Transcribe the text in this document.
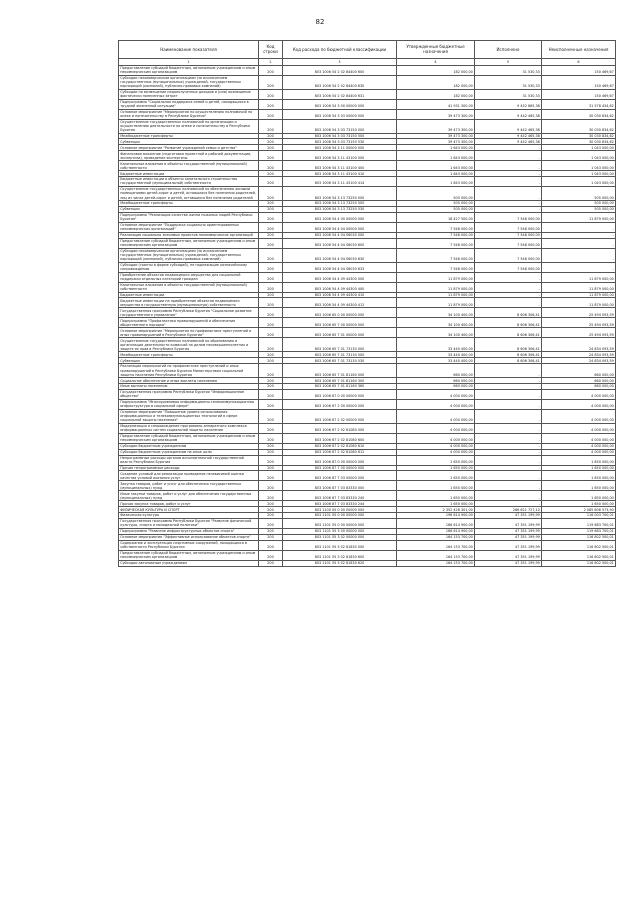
82
Наименование показателя	Код строки	Код расхода по бюджетной классификации	Утвержденные бюджетные назначения	Исполнено	Неисполненные назначения
1	2	3	4	5	6
Предоставление субсидий бюджетным, автономным учреждениям и иным некоммерческим организациям	200	803 1006 54 2 02 84400 600	182 000,00	31 530,33	150 469,67
Субсидии некоммерческим организациям (за исключением государственных (муниципальных) учреждений, государственных корпораций (компаний), публично-правовых компаний)	200	803 1006 54 2 02 84400 630	182 000,00	31 530,33	150 469,67
Субсидии на возмещение недополученных доходов и (или) возмещение фактически понесенных затрат	200	803 1006 54 2 02 84400 631	182 000,00	31 530,33	150 469,67
Подпрограмма "Социальная поддержка семей и детей, находящихся в трудной жизненной ситуации"	200	803 1006 54 3 00 00000 000	41 931 300,00	9 452 865,38	31 578 434,62
Основное мероприятие "Мероприятия по осуществлению полномочий по опеке и попечительству в Республике Бурятия"	200	803 1006 54 3 03 00000 000	39 473 300,00	9 442 465,38	30 030 834,62
Осуществление государственных полномочий по организации и осуществлению деятельности по опеке и попечительству в Республике Бурятия	200	803 1006 54 3 03 73150 000	39 473 300,00	9 442 465,38	30 030 834,62
Межбюджетные трансферты	200	803 1006 54 3 03 73150 500	39 473 300,00	9 442 465,38	30 030 834,62
Субвенции	200	803 1006 54 3 03 73150 530	39 473 300,00	9 442 465,38	30 030 834,62
Основное мероприятие "Развитие учреждений семьи и детства"	200	803 1006 54 3 11 00000 000	1 643 000,00	-	1 043 000,00
Финансовое вложение (подготовка проектной и рабочей документации, экспертиза), проведение экспертизы	200	803 1006 54 3 11 43100 000	1 643 000,00	-	1 043 000,00
Капитальные вложения в объекты государственной (муниципальной) собственности	200	803 1006 54 3 11 43100 400	1 643 000,00	-	1 043 000,00
Бюджетные инвестиции	200	803 1006 54 3 11 43100 410	1 643 000,00	-	1 043 000,00
Бюджетные инвестиции в объекты капитального строительства государственной (муниципальной) собственности	200	803 1006 54 3 11 43100 414	1 643 000,00	-	1 043 000,00
Осуществление государственных полномочий по обеспечению жилыми помещениями детей-сирот и детей, оставшихся без попечения родителей, лиц из числа детей-сирот и детей, оставшихся без попечения родителей	200	803 1006 54 3 13 73250 000	505 000,00	-	505 000,00
Межбюджетные трансферты	200	803 1006 54 3 13 73250 500	505 000,00	-	505 000,00
Субвенции	200	803 1006 54 3 13 73250 530	505 000,00	-	505 000,00
Подпрограмма "Реализация качества жизни пожилых людей Республики Бурятия"	200	803 1006 54 4 00 00000 000	18 427 500,00	7 548 000,00	11 879 000,00
Основное мероприятие "Поддержка социально ориентированных некоммерческих организаций"	200	803 1006 54 4 04 00000 000	7 548 000,00	7 548 000,00	-
Реализация социально значимых проектов некоммерческих организаций	200	803 1006 54 4 04 S6030 000	7 548 000,00	7 548 000,00	-
Предоставление субсидий бюджетным, автономным учреждениям и иным некоммерческим организациям	200	803 1006 54 4 04 S6030 600	7 548 000,00	7 548 000,00	-
Субсидии некоммерческим организациям (за исключением государственных (муниципальных) учреждений, государственных корпораций (компаний), публично-правовых компаний)	200	803 1006 54 4 04 S6030 630	7 548 000,00	7 548 000,00	-
Субсидии (гранты в форме субсидий), не подлежащие казначейскому сопровождению	200	803 1006 54 4 04 S6030 633	7 548 000,00	7 548 000,00	-
Приобретение объектов недвижимого имущества для социальной поддержки отдельных категорий граждан	200	803 1006 54 4 09 44300 000	11 879 000,00	-	11 879 000,00
Капитальные вложения в объекты государственной (муниципальной) собственности	200	803 1006 54 4 09 44300 400	11 879 000,00	-	11 879 000,00
Бюджетные инвестиции	200	803 1006 54 4 09 44300 410	11 879 000,00	-	11 879 000,00
Бюджетные инвестиции на приобретение объектов недвижимого имущества в государственную (муниципальную) собственность	200	803 1006 54 4 09 44300 412	11 879 000,00	-	11 879 000,00
Государственная программа Республики Бурятия "Социальное развитие государственного управления"	200	803 1006 65 0 00 00000 000	34 100 400,00	8 606 306,41	25 494 093,59
Подпрограмма "Профилактика правонарушений и обеспечение общественного порядка"	200	803 1006 65 7 00 00000 000	34 100 400,00	8 606 306,41	25 494 093,59
Основное мероприятие "Мероприятия по профилактике преступлений и иных правонарушений в Республике Бурятия"	200	803 1006 65 7 01 00000 000	34 100 400,00	8 606 306,41	25 494 093,59
Осуществление государственных полномочий по образованию и организации деятельности комиссий по делам несовершеннолетних и защите их прав в Республике Бурятия	200	803 1006 65 7 01 73130 000	33 440 400,00	8 606 306,41	24 834 093,59
Межбюджетные трансферты	200	803 1006 65 7 01 73130 500	33 440 400,00	8 606 306,41	24 834 093,59
Субвенции	200	803 1006 65 7 01 73130 530	33 440 400,00	8 606 306,41	24 834 093,59
Реализация мероприятий по профилактике преступлений и иных правонарушений в Республике Бурятия Министерством социальной защиты населения Республики Бурятия	200	803 1006 65 7 01 81160 000	660 000,00	-	660 000,00
Социальное обеспечение и иные выплаты населению	200	803 1006 65 7 01 81160 300	660 000,00	-	660 000,00
Иные выплаты населению	200	803 1006 65 7 01 81160 360	660 000,00	-	660 000,00
Государственная программа Республики Бурятия "Информационное общество"	200	803 1006 67 0 00 00000 000	4 000 000,00	-	4 000 000,00
Подпрограмма "Многоуровневая информационно-телекоммуникационная инфраструктура в социальной сфере"	200	803 1006 67 2 00 00000 000	4 000 000,00	-	4 000 000,00
Основное мероприятие "Повышение уровня использования информационных и телекоммуникационных технологий в сфере социальной защиты населения"	200	803 1006 67 2 02 00000 000	4 000 000,00	-	4 000 000,00
Модернизация и сопровождение программно-аппаратного комплекса информационных систем социальной защиты населения	200	803 1006 67 2 02 81080 000	4 000 000,00	-	4 000 000,00
Предоставление субсидий бюджетным, автономным учреждениям и иным некоммерческим организациям	200	803 1006 67 2 02 81080 600	4 000 000,00	-	4 000 000,00
Субсидии бюджетным учреждениям	200	803 1006 67 2 02 81080 610	4 000 000,00	-	4 000 000,00
Субсидии бюджетным учреждениям на иные цели	200	803 1006 67 2 02 81080 612	4 000 000,00	-	4 000 000,00
Непрограммные расходы органов исполнительной государственной власти Республики Бурятия	200	803 1006 87 0 00 00000 000	1 650 000,00	-	1 650 000,00
Прочие непрограммные расходы	200	803 1006 87 7 00 00000 000	1 650 000,00	-	1 650 000,00
Создание условий для реализации проведения независимой оценки качества условий оказания услуг	200	803 1006 87 7 03 00000 000	1 650 000,00	-	1 650 000,00
Закупка товаров, работ и услуг для обеспечения государственных (муниципальных) нужд	200	803 1006 87 7 03 83330 000	1 650 000,00	-	1 650 000,00
Иные закупки товаров, работ и услуг для обеспечения государственных (муниципальных) нужд	200	803 1006 87 7 03 83330 240	1 650 000,00	-	1 650 000,00
Прочая закупка товаров, работ и услуг	200	803 1006 87 7 03 83330 244	1 650 000,00	-	1 650 000,00
ФИЗИЧЕСКАЯ КУЛЬТУРА И СПОРТ	200	803 1100 00 0 00 00000 000	2 352 428 301,00	266 621 727,10	2 085 806 573,90
Физическая культура	200	803 1101 00 0 00 00000 000	196 614 900,00	47 351 199,99	116 003 700,01
Государственная программа Республики Бурятия "Развитие физической культуры, спорта и молодежной политики"	200	803 1101 55 0 00 00000 000	166 614 900,00	47 351 199,99	119 683 700,01
Подпрограмма "Развитие инфраструктурных объектов спорта"	200	803 1101 55 3 00 00000 000	166 614 900,00	47 351 199,99	119 683 700,01
Основное мероприятие "Эффективное использование объектов спорта"	200	803 1101 55 3 02 00000 000	164 153 700,00	47 351 199,99	116 802 500,01
Содержание и эксплуатация спортивных сооружений, находящихся в собственности Республики Бурятия	200	803 1101 55 3 02 81830 000	164 153 700,00	47 351 199,99	116 802 500,01
Предоставление субсидий бюджетным, автономным учреждениям и иным некоммерческим организациям	200	803 1101 55 3 02 81830 600	164 153 700,00	47 351 199,99	116 802 500,01
Субсидии автономным учреждениям	200	803 1101 55 3 02 81830 620	164 153 700,00	47 351 199,99	116 802 500,01
